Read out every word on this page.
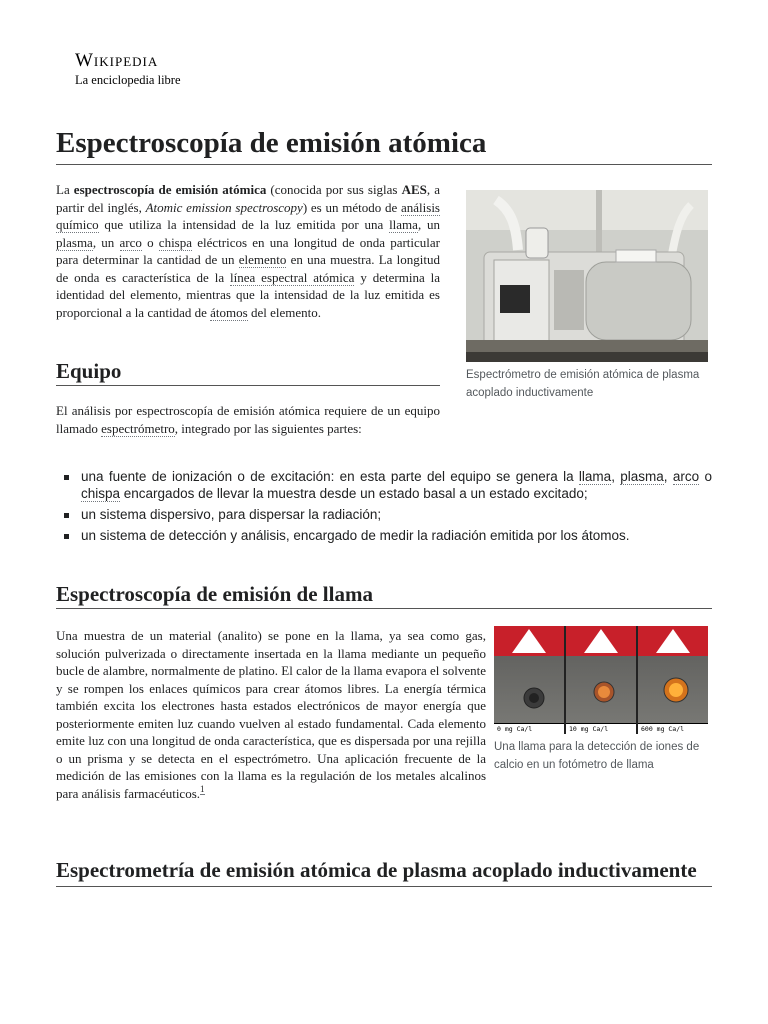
Wikipedia
La enciclopedia libre
Espectroscopía de emisión atómica

La espectroscopía de emisión atómica (conocida por sus siglas AES, a partir del inglés, Atomic emission spectroscopy) es un método de análisis químico que utiliza la intensidad de la luz emitida por una llama, un plasma, un arco o chispa eléctricos en una longitud de onda particular para determinar la cantidad de un elemento en una muestra. La longitud de onda es característica de la línea espectral atómica y determina la identidad del elemento, mientras que la intensidad de la luz emitida es proporcional a la cantidad de átomos del elemento.

Espectrómetro de emisión atómica de plasma acoplado inductivamente
Equipo

El análisis por espectroscopía de emisión atómica requiere de un equipo llamado espectrómetro, integrado por las siguientes partes:

una fuente de ionización o de excitación: en esta parte del equipo se genera la llama, plasma, arco o chispa encargados de llevar la muestra desde un estado basal a un estado excitado;
un sistema dispersivo, para dispersar la radiación;
un sistema de detección y análisis, encargado de medir la radiación emitida por los átomos.
Espectroscopía de emisión de llama
0 mg Ca/l	10 mg Ca/l	600 mg Ca/l
Una llama para la detección de iones de calcio en un fotómetro de llama
Una muestra de un material (analito) se pone en la llama, ya sea como gas, solución pulverizada o directamente insertada en la llama mediante un pequeño bucle de alambre, normalmente de platino. El calor de la llama evapora el solvente y se rompen los enlaces químicos para crear átomos libres. La energía térmica también excita los electrones hasta estados electrónicos de mayor energía que posteriormente emiten luz cuando vuelven al estado fundamental. Cada elemento emite luz con una longitud de onda característica, que es dispersada por una rejilla o un prisma y se detecta en el espectrómetro. Una aplicación frecuente de la medición de las emisiones con la llama es la regulación de los metales alcalinos para análisis farmacéuticos.$^1$
Espectrometría de emisión atómica de plasma acoplado inductivamente
